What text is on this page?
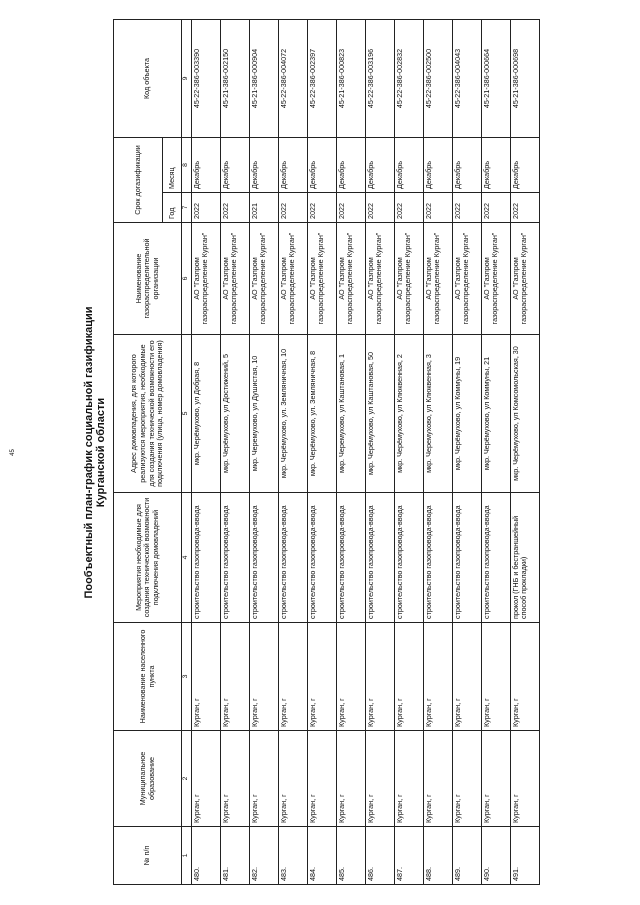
45	Пообъектный план-график социальной газификации Курганской области
№ п/п	Муниципальное образование	Наименование населенного пункта	Мероприятия необходимые для создания технической возможности подключения домовладений	Адрес домовладения, для которого реализуются мероприятия, необходимые для создания технической возможности его подключения (улица, номер домовладения)	Наименование газораспределительной организации	Срок догазификации		Код объекта
						Год	Месяц	
1	2	3	4	5	6	7	8	9
480.	Курган, г	Курган, г	строительство газопровода-ввода	мкр. Черёмухово, ул Добрая, 8	АО "Газпром газораспределение Курган"	2022	Декабрь	45-22-386-003390
481.	Курган, г	Курган, г	строительство газопровода-ввода	мкр. Черёмухово, ул Достижений, 5	АО "Газпром газораспределение Курган"	2022	Декабрь	45-21-386-002150
482.	Курган, г	Курган, г	строительство газопровода-ввода	мкр. Черемухово, ул Душистая, 10	АО "Газпром газораспределение Курган"	2021	Декабрь	45-21-386-000904
483.	Курган, г	Курган, г	строительство газопровода-ввода	мкр. Черёмухово, ул. Земляничная, 10	АО "Газпром газораспределение Курган"	2022	Декабрь	45-22-386-004072
484.	Курган, г	Курган, г	строительство газопровода-ввода	мкр. Черёмухово, ул. Земляничная, 8	АО "Газпром газораспределение Курган"	2022	Декабрь	45-22-386-002397
485.	Курган, г	Курган, г	строительство газопровода-ввода	мкр. Черемухово, ул Каштановая, 1	АО "Газпром газораспределение Курган"	2022	Декабрь	45-21-386-000823
486.	Курган, г	Курган, г	строительство газопровода-ввода	мкр. Черёмухово, ул Каштановая, 50	АО "Газпром газораспределение Курган"	2022	Декабрь	45-22-386-003196
487.	Курган, г	Курган, г	строительство газопровода-ввода	мкр. Черёмухово, ул Клюквенная, 2	АО "Газпром газораспределение Курган"	2022	Декабрь	45-22-386-002832
488.	Курган, г	Курган, г	строительство газопровода-ввода	мкр. Черемухово, ул Клюквенная, 3	АО "Газпром газораспределение Курган"	2022	Декабрь	45-22-386-002500
489.	Курган, г	Курган, г	строительство газопровода-ввода	мкр. Черёмухово, ул Коммуны, 19	АО "Газпром газораспределение Курган"	2022	Декабрь	45-22-386-004043
490.	Курган, г	Курган, г	строительство газопровода-ввода	мкр. Черёмухово, ул Коммуны, 21	АО "Газпром газораспределение Курган"	2022	Декабрь	45-21-386-000664
491.	Курган, г	Курган, г	прокол (ГНБ и бестраншейный способ прокладки)	мкр. Черёмухово, ул Комсомольская, 30	АО "Газпром газораспределение Курган"	2022	Декабрь	45-21-386-000698
